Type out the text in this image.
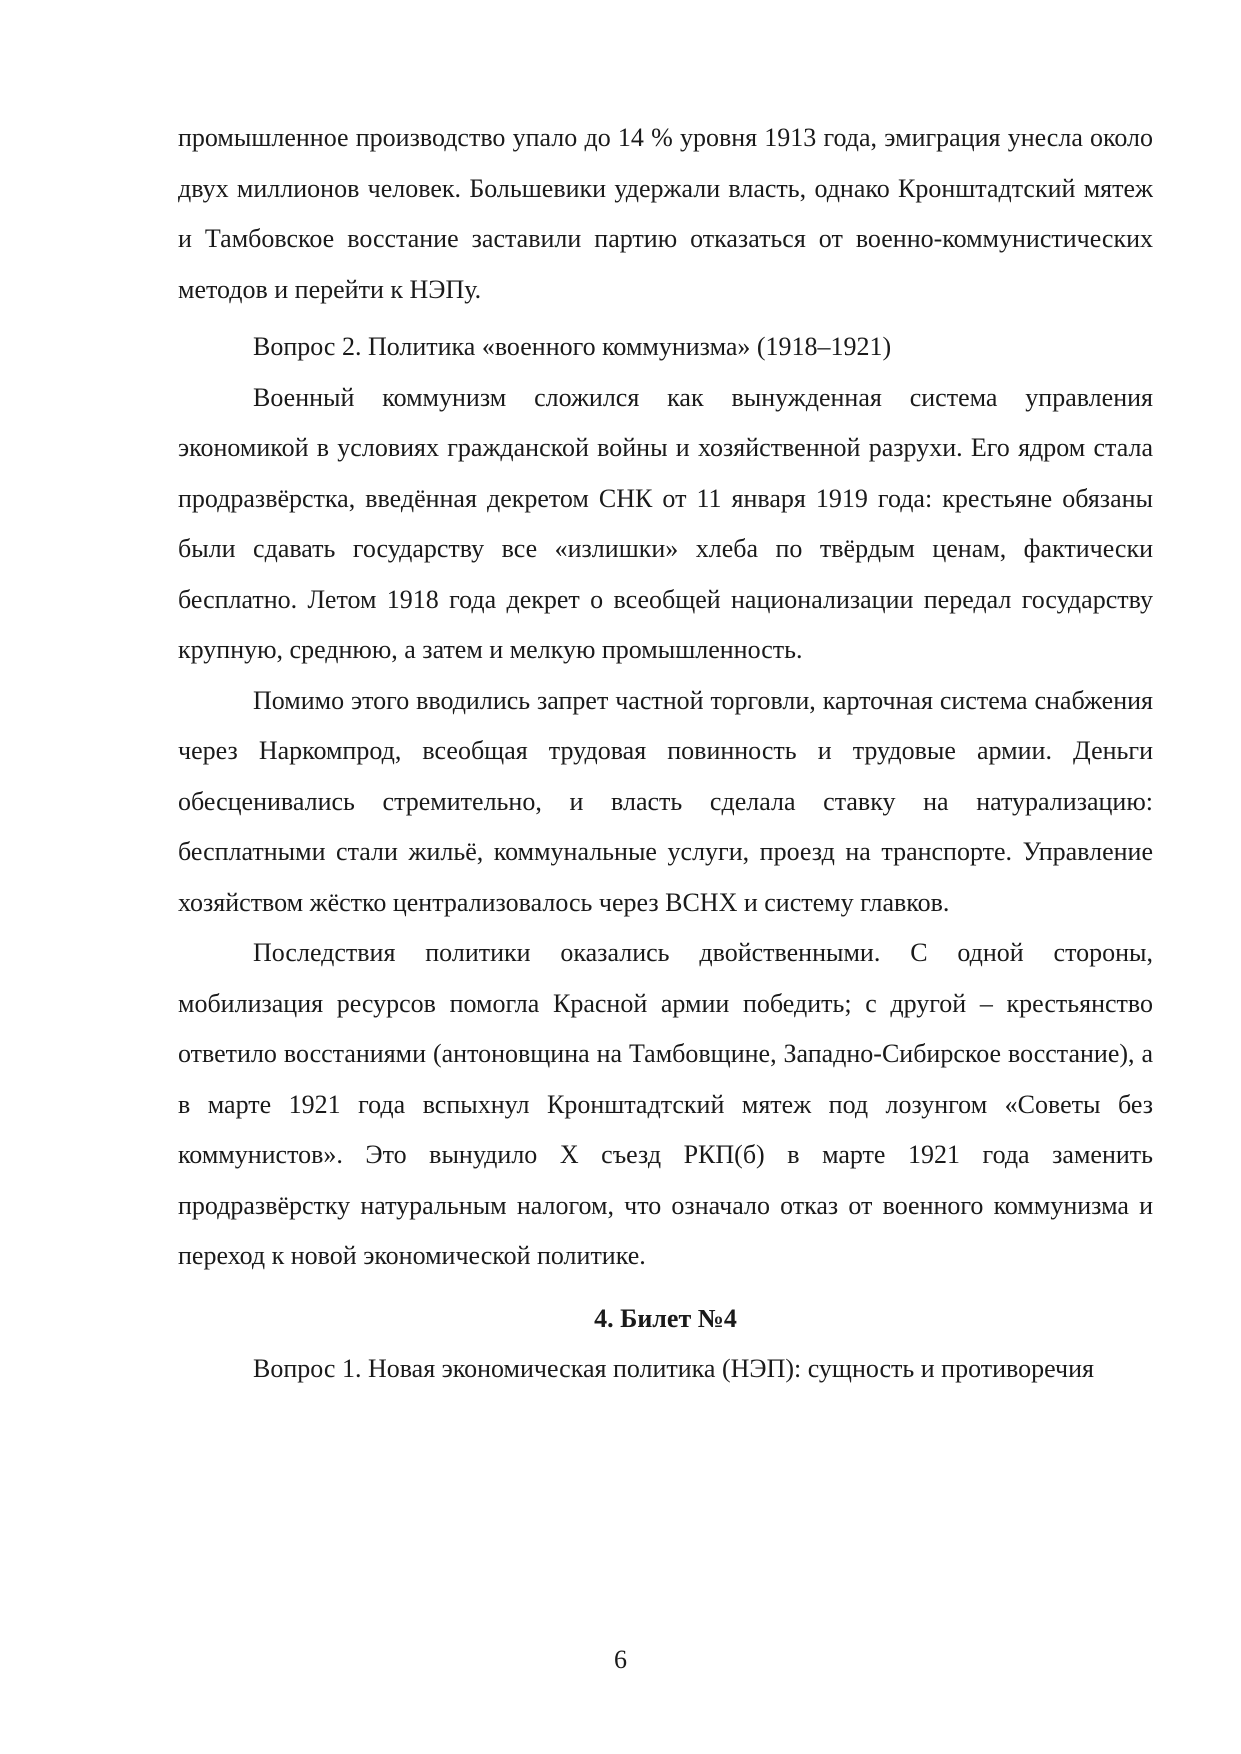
промышленное производство упало до 14 % уровня 1913 года, эмиграция унесла около двух миллионов человек. Большевики удержали власть, однако Кронштадтский мятеж и Тамбовское восстание заставили партию отказаться от военно-коммунистических методов и перейти к НЭПу.

Вопрос 2. Политика «военного коммунизма» (1918–1921)

Военный коммунизм сложился как вынужденная система управления экономикой в условиях гражданской войны и хозяйственной разрухи. Его ядром стала продразвёрстка, введённая декретом СНК от 11 января 1919 года: крестьяне обязаны были сдавать государству все «излишки» хлеба по твёрдым ценам, фактически бесплатно. Летом 1918 года декрет о всеобщей национализации передал государству крупную, среднюю, а затем и мелкую промышленность.

Помимо этого вводились запрет частной торговли, карточная система снабжения через Наркомпрод, всеобщая трудовая повинность и трудовые армии. Деньги обесценивались стремительно, и власть сделала ставку на натурализацию: бесплатными стали жильё, коммунальные услуги, проезд на транспорте. Управление хозяйством жёстко централизовалось через ВСНХ и систему главков.

Последствия политики оказались двойственными. С одной стороны, мобилизация ресурсов помогла Красной армии победить; с другой – крестьянство ответило восстаниями (антоновщина на Тамбовщине, Западно-Сибирское восстание), а в марте 1921 года вспыхнул Кронштадтский мятеж под лозунгом «Советы без коммунистов». Это вынудило X съезд РКП(б) в марте 1921 года заменить продразвёрстку натуральным налогом, что означало отказ от военного коммунизма и переход к новой экономической политике.

4. Билет №4

Вопрос 1. Новая экономическая политика (НЭП): сущность и противоречия

6
